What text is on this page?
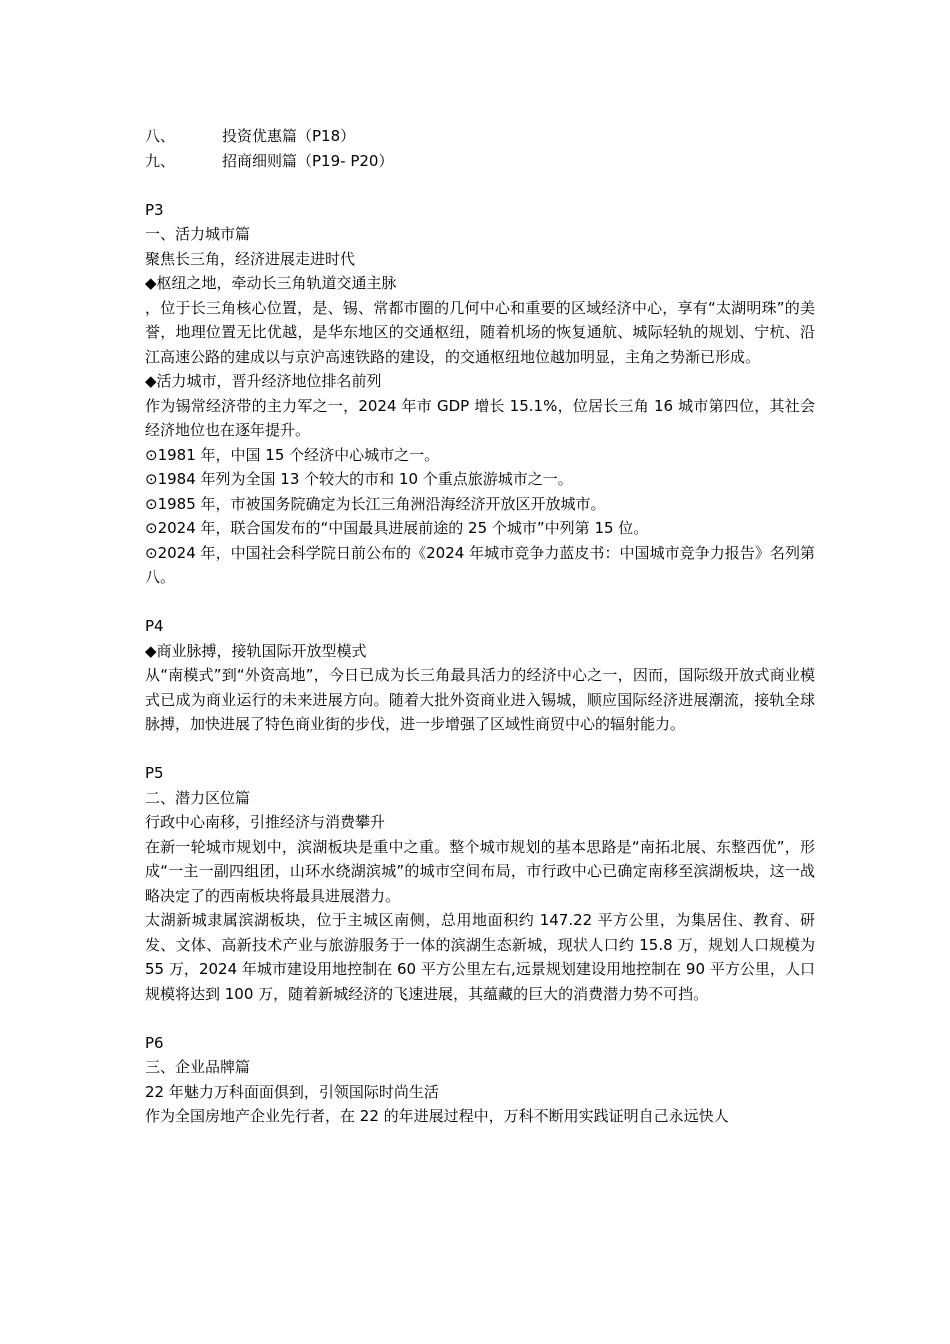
八、	投资优惠篇（P18）
九、	招商细则篇（P19- P20）

P3

一、活力城市篇

聚焦长三角，经济进展走进时代

◆枢纽之地，牵动长三角轨道交通主脉

，位于长三角核心位置，是、锡、常都市圈的几何中心和重要的区域经济中心，享有“太湖明珠”的美誉，地理位置无比优越，是华东地区的交通枢纽，随着机场的恢复通航、城际轻轨的规划、宁杭、沿江高速公路的建成以与京沪高速铁路的建设，的交通枢纽地位越加明显，主角之势渐已形成。

◆活力城市，晋升经济地位排名前列

作为锡常经济带的主力军之一，2024 年市 GDP 增长 15.1%，位居长三角 16 城市第四位，其社会经济地位也在逐年提升。

⊙1981 年，中国 15 个经济中心城市之一。

⊙1984 年列为全国 13 个较大的市和 10 个重点旅游城市之一。

⊙1985 年，市被国务院确定为长江三角洲沿海经济开放区开放城市。

⊙2024 年，联合国发布的“中国最具进展前途的 25 个城市”中列第 15 位。

⊙2024 年，中国社会科学院日前公布的《2024 年城市竞争力蓝皮书：中国城市竞争力报告》名列第八。

P4

◆商业脉搏，接轨国际开放型模式

从“南模式”到“外资高地”，今日已成为长三角最具活力的经济中心之一，因而，国际级开放式商业模式已成为商业运行的未来进展方向。随着大批外资商业进入锡城，顺应国际经济进展潮流，接轨全球脉搏，加快进展了特色商业街的步伐，进一步增强了区域性商贸中心的辐射能力。

P5

二、潜力区位篇

行政中心南移，引推经济与消费攀升

在新一轮城市规划中，滨湖板块是重中之重。整个城市规划的基本思路是“南拓北展、东整西优”，形成“一主一副四组团，山环水绕湖滨城”的城市空间布局，市行政中心已确定南移至滨湖板块，这一战略决定了的西南板块将最具进展潜力。

太湖新城隶属滨湖板块，位于主城区南侧，总用地面积约 147.22 平方公里，为集居住、教育、研发、文体、高新技术产业与旅游服务于一体的滨湖生态新城，现状人口约 15.8 万，规划人口规模为 55 万，2024 年城市建设用地控制在 60 平方公里左右,远景规划建设用地控制在 90 平方公里，人口规模将达到 100 万，随着新城经济的飞速进展，其蕴藏的巨大的消费潜力势不可挡。

P6

三、企业品牌篇

22 年魅力万科面面俱到，引领国际时尚生活

作为全国房地产企业先行者，在 22 的年进展过程中，万科不断用实践证明自己永远快人
